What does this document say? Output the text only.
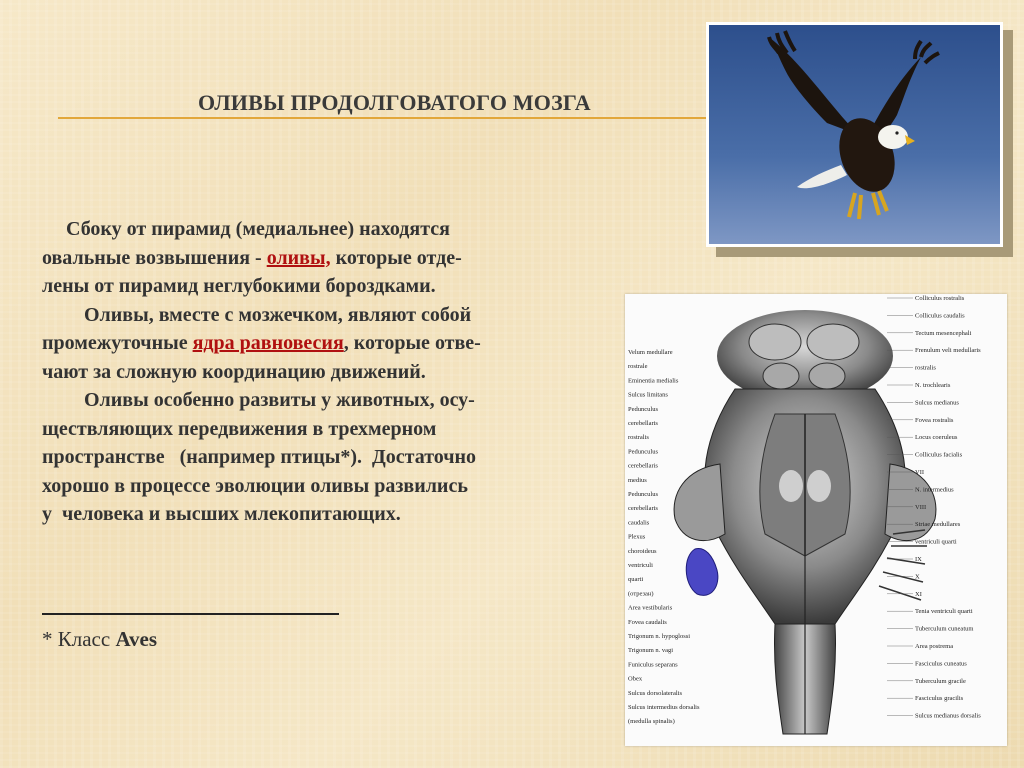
ОЛИВЫ ПРОДОЛГОВАТОГО МОЗГА

Сбоку от пирамид (медиальнее) находятся
овальные возвышения - оливы, которые отде-
лены от пирамид неглубокими бороздками.

Оливы, вместе с мозжечком, являют собой
промежуточные ядра равновесия, которые отве-
чают за сложную координацию движений.

Оливы особенно развиты у животных, осу-
ществляющих передвижения в трехмерном
пространстве   (например птицы*).  Достаточно
хорошо в процессе эволюции оливы развились
у  человека и высших млекопитающих.

* Класс Aves
Colliculus rostralis
Colliculus caudalis
Tectum mesencephali
Frenulum veli medullaris
rostralis
N. trochlearis
Sulcus medianus
Fovea rostralis
Locus coeruleus
Colliculus facialis
VII
N. intermedius
VIII
Striae medullares
ventriculi quarti
IX
X
XI
Tenia ventriculi quarti
Tuberculum cuneatum
Area postrema
Fasciculus cuneatus
Tuberculum gracile
Fasciculus gracilis
Sulcus medianus dorsalis
Velum medullare
rostrale
Eminentia medialis
Sulcus limitans
Pedunculus
cerebellaris
rostralis
Pedunculus
cerebellaris
medius
Pedunculus
cerebellaris
caudalis
Plexus
choroideus
ventriculi
quarti
(отрезан)
Area vestibularis
Fovea caudalis
Trigonum n. hypoglossi
Trigonum n. vagi
Funiculus separans
Obex
Sulcus dorsolateralis
Sulcus intermedius dorsalis
(medulla spinalis)
